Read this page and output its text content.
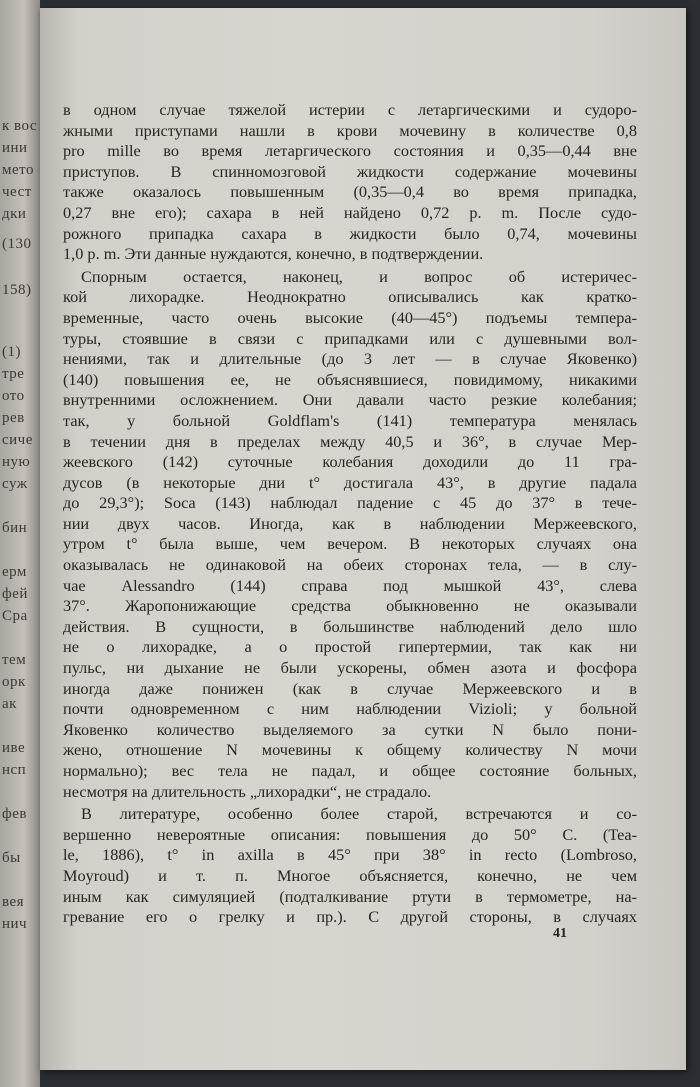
к вос
ини
мето
чест
дки
(130
158)
(1)
тре
ото
рев
сиче
ную
суж
бин
ерм
фей
Сра
тем
орк
ак
иве
нсп
фев
бы
вея
нич
в одном случае тяжелой истерии с летаргическими и судоро-
жными приступами нашли в крови мочевину в количестве 0,8
pro mille во время летаргического состояния и 0,35—0,44 вне
приступов. В спинномозговой жидкости содержание мочевины
также оказалось повышенным (0,35—0,4 во время припадка,
0,27 вне его); сахара в ней найдено 0,72 р. m. После судо-
рожного припадка сахара в жидкости было 0,74, мочевины
1,0 р. m. Эти данные нуждаются, конечно, в подтверждении.
Спорным остается, наконец, и вопрос об истеричес-
кой лихорадке. Неоднократно описывались как кратко-
временные, часто очень высокие (40—45°) подъемы темпера-
туры, стоявшие в связи с припадками или с душевными вол-
нениями, так и длительные (до 3 лет — в случае Яковенко)
(140) повышения ее, не объяснявшиеся, повидимому, никакими
внутренними осложнением. Они давали часто резкие колебания;
так, у больной Goldflam's (141) температура менялась
в течении дня в пределах между 40,5 и 36°, в случае Мер-
жеевского (142) суточные колебания доходили до 11 гра-
дусов (в некоторые дни t° достигала 43°, в другие падала
до 29,3°); Soca (143) наблюдал падение с 45 до 37° в тече-
нии двух часов. Иногда, как в наблюдении Мержеевского,
утром t° была выше, чем вечером. В некоторых случаях она
оказывалась не одинаковой на обеих сторонах тела, — в слу-
чае Alessandro (144) справа под мышкой 43°, слева
37°. Жаропонижающие средства обыкновенно не оказывали
действия. В сущности, в большинстве наблюдений дело шло
не о лихорадке, а о простой гипертермии, так как ни
пульс, ни дыхание не были ускорены, обмен азота и фосфора
иногда даже понижен (как в случае Мержеевского и в
почти одновременном с ним наблюдении Vizioli; у больной
Яковенко количество выделяемого за сутки N было пони-
жено, отношение N мочевины к общему количеству N мочи
нормально); вес тела не падал, и общее состояние больных,
несмотря на длительность „лихорадки“, не страдало.
В литературе, особенно более старой, встречаются и со-
вершенно невероятные описания: повышения до 50° С. (Tea-
le, 1886), t° in axilla в 45° при 38° in recto (Lombroso,
Moyroud) и т. п. Многое объясняется, конечно, не чем
иным как симуляцией (подталкивание ртути в термометре, на-
гревание его о грелку и пр.). С другой стороны, в случаях
41
